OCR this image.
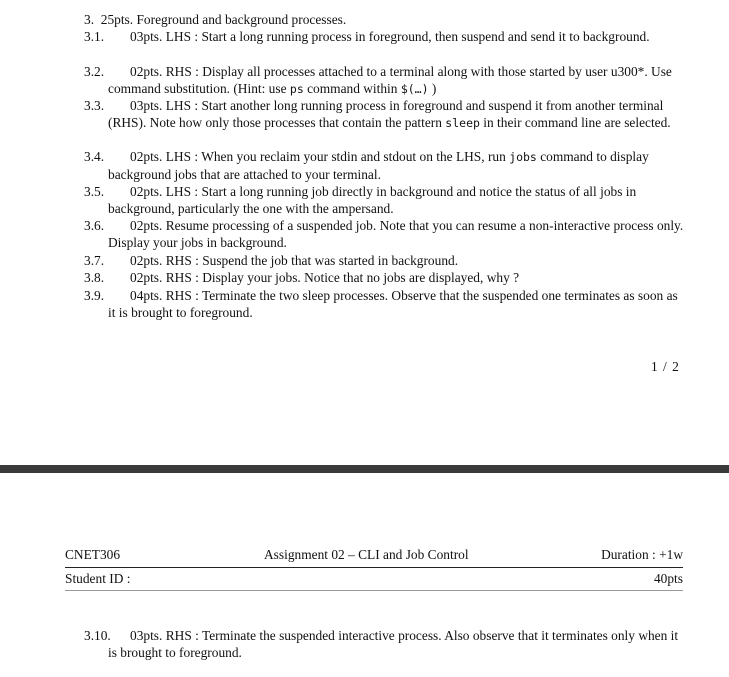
3. 25pts. Foreground and background processes.
3.1.	03pts. LHS : Start a long running process in foreground, then suspend and send it to background.
3.2.	02pts. RHS : Display all processes attached to a terminal along with those started by user u300*. Use command substitution. (Hint: use ps command within $(…) )
3.3.	03pts. LHS : Start another long running process in foreground and suspend it from another terminal (RHS). Note how only those processes that contain the pattern sleep in their command line are selected.
3.4.	02pts. LHS : When you reclaim your stdin and stdout on the LHS, run jobs command to display background jobs that are attached to your terminal.
3.5.	02pts. LHS : Start a long running job directly in background and notice the status of all jobs in background, particularly the one with the ampersand.
3.6.	02pts. Resume processing of a suspended job. Note that you can resume a non-interactive process only. Display your jobs in background.
3.7.	02pts. RHS : Suspend the job that was started in background.
3.8.	02pts. RHS : Display your jobs. Notice that no jobs are displayed, why ?
3.9.	04pts. RHS : Terminate the two sleep processes. Observe that the suspended one terminates as soon as it is brought to foreground.
1 / 2
CNET306	Assignment 02 – CLI and Job Control	Duration : +1w
Student ID :	40pts
3.10.	03pts. RHS : Terminate the suspended interactive process. Also observe that it terminates only when it is brought to foreground.
